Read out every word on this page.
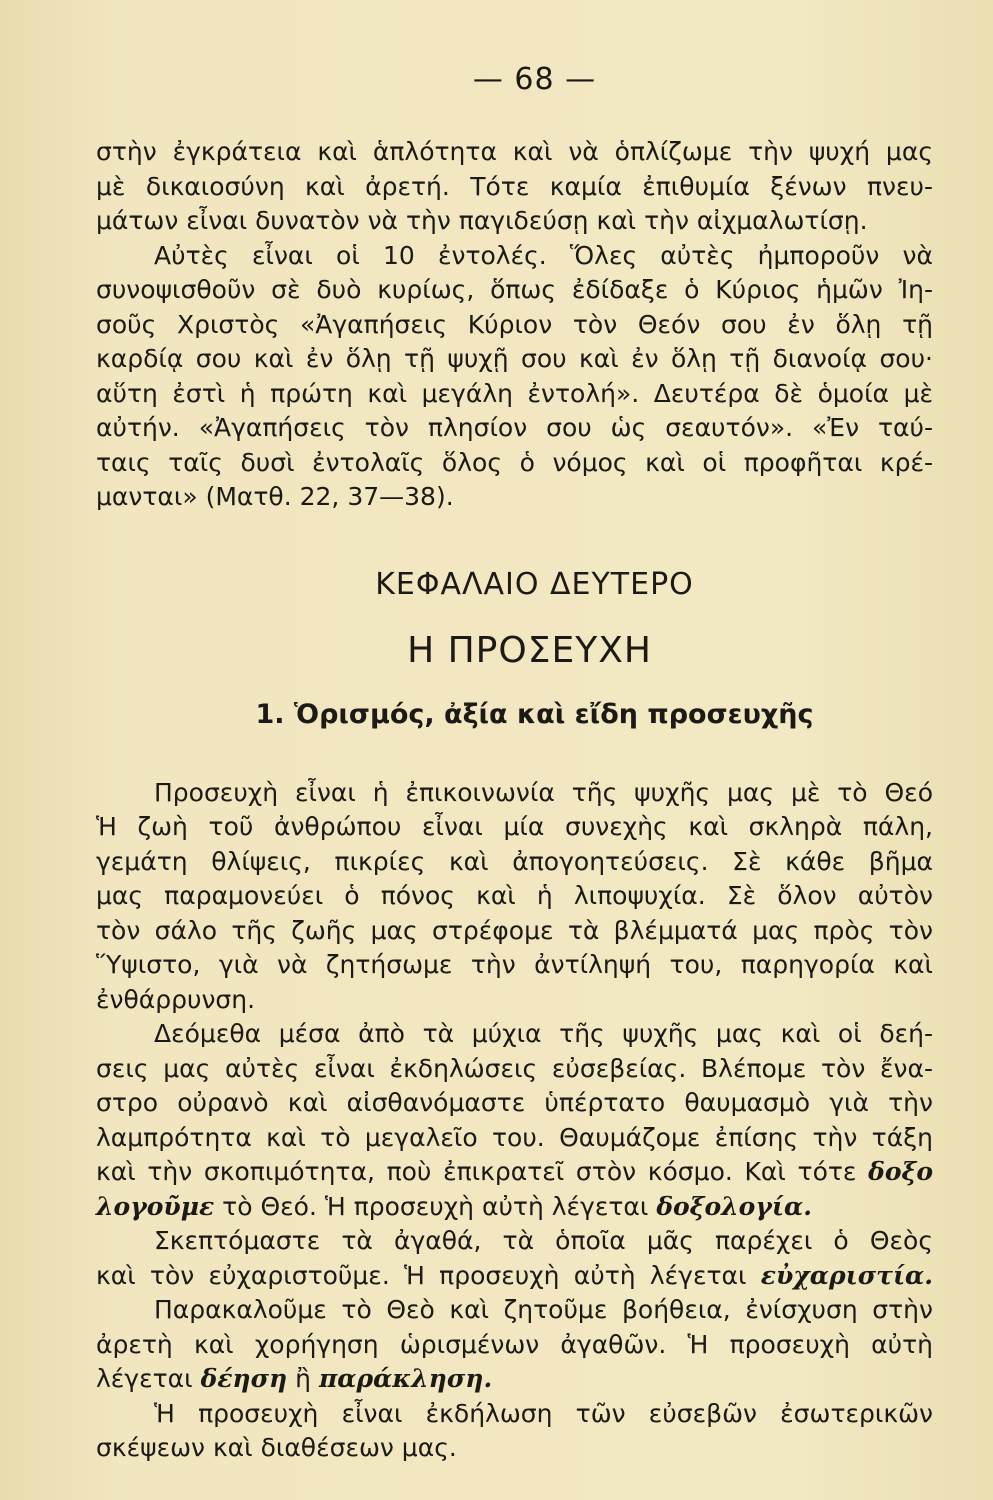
— 68 —

στὴν ἐγκράτεια καὶ ἁπλότητα καὶ νὰ ὁπλίζωμε τὴν ψυχή μας
μὲ δικαιοσύνη καὶ ἀρετή. Τότε καμία ἐπιθυμία ξένων πνευ-
μάτων εἶναι δυνατὸν νὰ τὴν παγιδεύσῃ καὶ τὴν αἰχμαλωτίσῃ.

Αὐτὲς εἶναι οἱ 10 ἐντολές. Ὅλες αὐτὲς ἠμποροῦν νὰ
συνοψισθοῦν σὲ δυὸ κυρίως, ὅπως ἐδίδαξε ὁ Κύριος ἡμῶν Ἰη-
σοῦς Χριστὸς «Ἀγαπήσεις Κύριον τὸν Θεόν σου ἐν ὅλῃ τῇ
καρδίᾳ σου καὶ ἐν ὅλῃ τῇ ψυχῇ σου καὶ ἐν ὅλῃ τῇ διανοίᾳ σου·
αὕτη ἐστὶ ἡ πρώτη καὶ μεγάλη ἐντολή». Δευτέρα δὲ ὁμοία μὲ
αὐτήν. «Ἀγαπήσεις τὸν πλησίον σου ὡς σεαυτόν». «Ἐν ταύ-
ταις ταῖς δυσὶ ἐντολαῖς ὅλος ὁ νόμος καὶ οἱ προφῆται κρέ-
μανται» (Ματθ. 22, 37—38).

ΚΕΦΑΛΑΙΟ ΔΕΥΤΕΡΟ
Η ΠΡΟΣΕΥΧΗ
1. Ὁρισμός, ἀξία καὶ εἴδη προσευχῆς

Προσευχὴ εἶναι ἡ ἐπικοινωνία τῆς ψυχῆς μας μὲ τὸ Θεό
Ἡ ζωὴ τοῦ ἀνθρώπου εἶναι μία συνεχὴς καὶ σκληρὰ πάλη,
γεμάτη θλίψεις, πικρίες καὶ ἀπογοητεύσεις. Σὲ κάθε βῆμα
μας παραμονεύει ὁ πόνος καὶ ἡ λιποψυχία. Σὲ ὅλον αὐτὸν
τὸν σάλο τῆς ζωῆς μας στρέφομε τὰ βλέμματά μας πρὸς τὸν
Ὕψιστο, γιὰ νὰ ζητήσωμε τὴν ἀντίληψή του, παρηγορία καὶ
ἐνθάρρυνση.

Δεόμεθα μέσα ἀπὸ τὰ μύχια τῆς ψυχῆς μας καὶ οἱ δεή-
σεις μας αὐτὲς εἶναι ἐκδηλώσεις εὐσεβείας. Βλέπομε τὸν ἔνα-
στρο οὐρανὸ καὶ αἰσθανόμαστε ὑπέρτατο θαυμασμὸ γιὰ τὴν
λαμπρότητα καὶ τὸ μεγαλεῖο του. Θαυμάζομε ἐπίσης τὴν τάξη
καὶ τὴν σκοπιμότητα, ποὺ ἐπικρατεῖ στὸν κόσμο. Καὶ τότε δοξο
λογοῦμε τὸ Θεό. Ἡ προσευχὴ αὐτὴ λέγεται δοξολογία.

Σκεπτόμαστε τὰ ἀγαθά, τὰ ὁποῖα μᾶς παρέχει ὁ Θεὸς
καὶ τὸν εὐχαριστοῦμε. Ἡ προσευχὴ αὐτὴ λέγεται εὐχαριστία.

Παρακαλοῦμε τὸ Θεὸ καὶ ζητοῦμε βοήθεια, ἐνίσχυση στὴν
ἀρετὴ καὶ χορήγηση ὡρισμένων ἀγαθῶν. Ἡ προσευχὴ αὐτὴ
λέγεται δέηση ἢ παράκληση.

Ἡ προσευχὴ εἶναι ἐκδήλωση τῶν εὐσεβῶν ἐσωτερικῶν
σκέψεων καὶ διαθέσεων μας.
